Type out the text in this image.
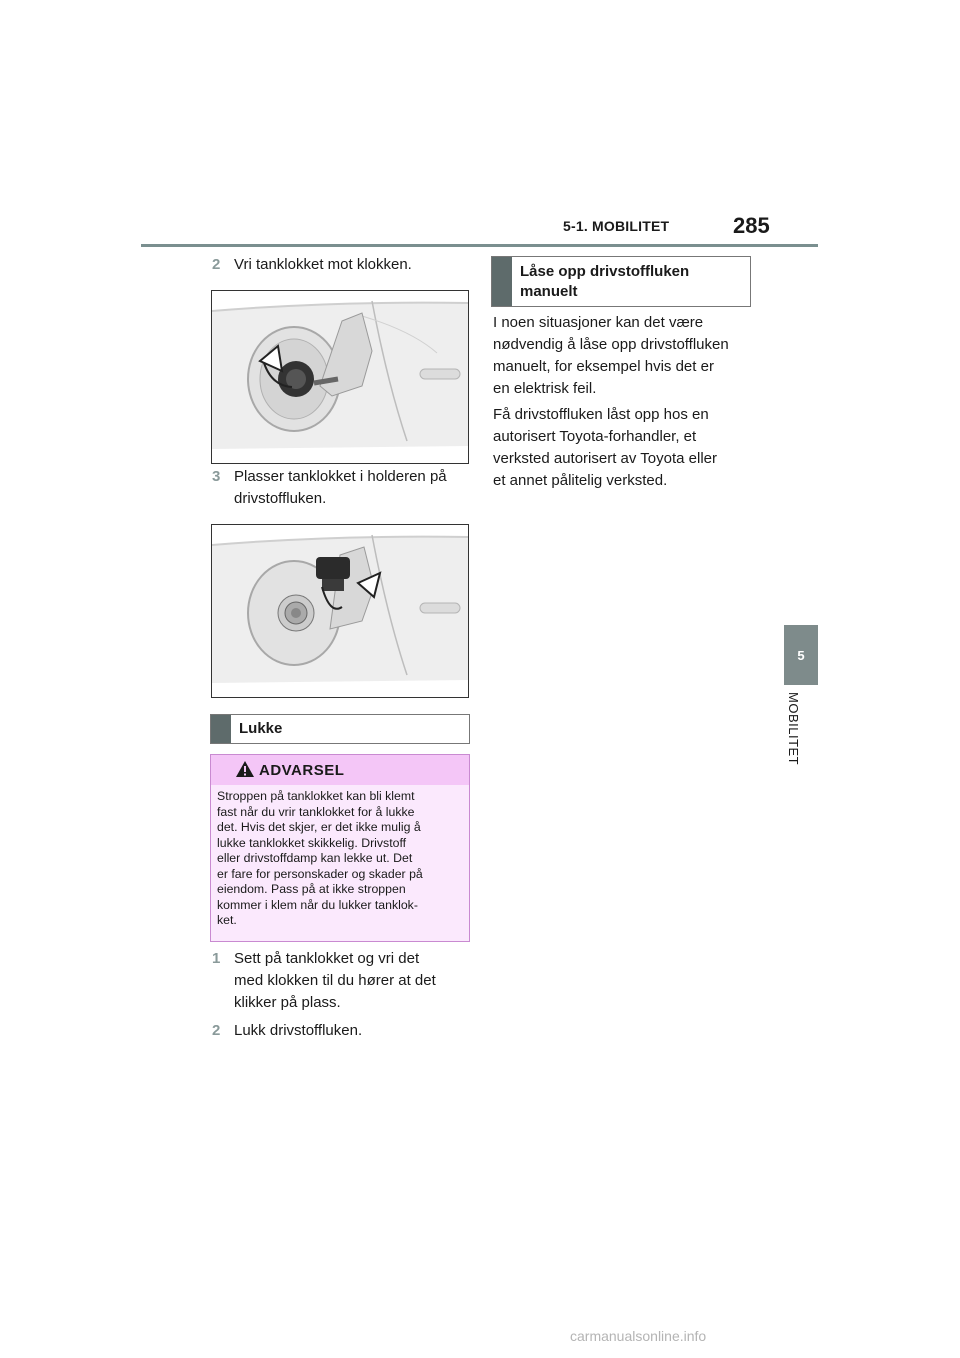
5-1. MOBILITET	285
5
MOBILITET
2 Vri tanklokket mot klokken.
3 Plasser tanklokket i holderen på
drivstoffluken.
Lukke
ADVARSEL
Stroppen på tanklokket kan bli klemt
fast når du vrir tanklokket for å lukke
det. Hvis det skjer, er det ikke mulig å
lukke tanklokket skikkelig. Drivstoff
eller drivstoffdamp kan lekke ut. Det
er fare for personskader og skader på
eiendom. Pass på at ikke stroppen
kommer i klem når du lukker tanklok-
ket.
1 Sett på tanklokket og vri det
med klokken til du hører at det
klikker på plass.
2 Lukk drivstoffluken.
Låse opp drivstoffluken
manuelt
I noen situasjoner kan det være
nødvendig å låse opp drivstoffluken
manuelt, for eksempel hvis det er
en elektrisk feil.
Få drivstoffluken låst opp hos en
autorisert Toyota-forhandler, et
verksted autorisert av Toyota eller
et annet pålitelig verksted.
carmanualsonline.info
